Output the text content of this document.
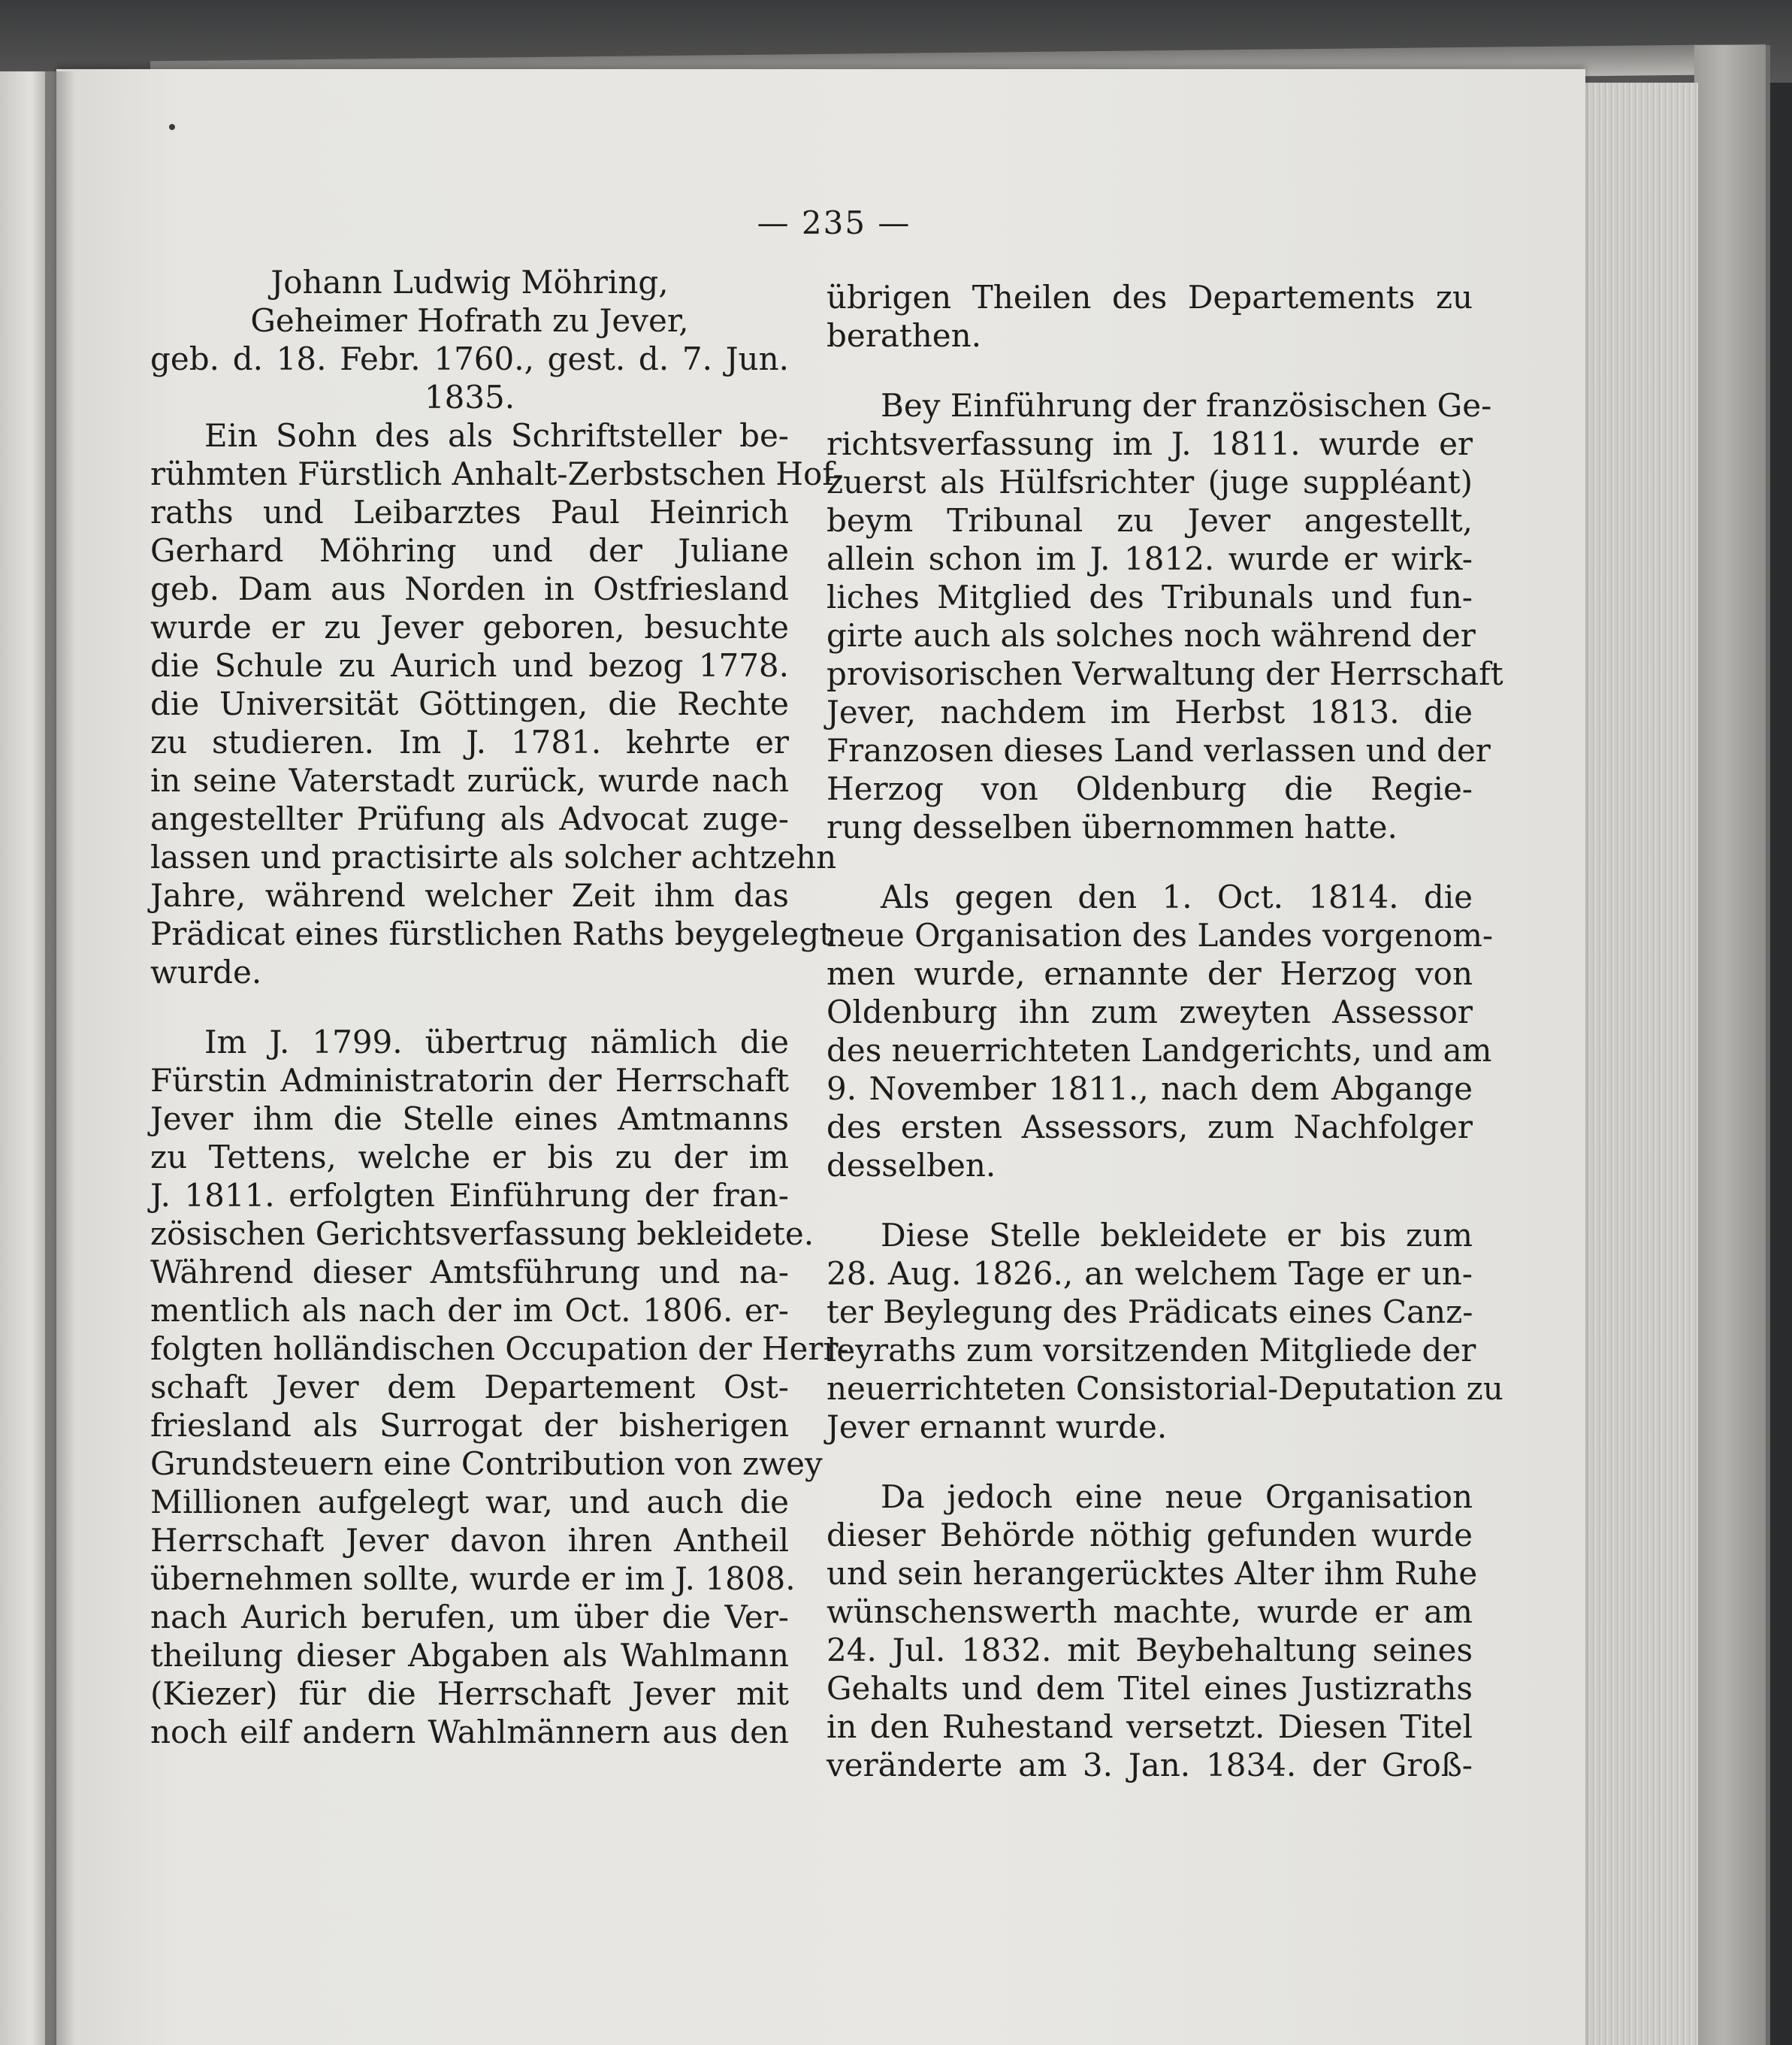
— 235 —
Johann Ludwig Möhring,
Geheimer Hofrath zu Jever,
geb. d. 18. Febr. 1760., gest. d. 7. Jun.
1835.
Ein Sohn des als Schriftsteller be-
rühmten Fürstlich Anhalt-Zerbstschen Hof-
raths und Leibarztes Paul Heinrich
Gerhard Möhring und der Juliane
geb. Dam aus Norden in Ostfriesland
wurde er zu Jever geboren, besuchte
die Schule zu Aurich und bezog 1778.
die Universität Göttingen, die Rechte
zu studieren. Im J. 1781. kehrte er
in seine Vaterstadt zurück, wurde nach
angestellter Prüfung als Advocat zuge-
lassen und practisirte als solcher achtzehn
Jahre, während welcher Zeit ihm das
Prädicat eines fürstlichen Raths beygelegt
wurde.
Im J. 1799. übertrug nämlich die
Fürstin Administratorin der Herrschaft
Jever ihm die Stelle eines Amtmanns
zu Tettens, welche er bis zu der im
J. 1811. erfolgten Einführung der fran-
zösischen Gerichtsverfassung bekleidete.
Während dieser Amtsführung und na-
mentlich als nach der im Oct. 1806. er-
folgten holländischen Occupation der Herr-
schaft Jever dem Departement Ost-
friesland als Surrogat der bisherigen
Grundsteuern eine Contribution von zwey
Millionen aufgelegt war, und auch die
Herrschaft Jever davon ihren Antheil
übernehmen sollte, wurde er im J. 1808.
nach Aurich berufen, um über die Ver-
theilung dieser Abgaben als Wahlmann
(Kiezer) für die Herrschaft Jever mit
noch eilf andern Wahlmännern aus den
übrigen Theilen des Departements zu
berathen.
Bey Einführung der französischen Ge-
richtsverfassung im J. 1811. wurde er
zuerst als Hülfsrichter (juge suppléant)
beym Tribunal zu Jever angestellt,
allein schon im J. 1812. wurde er wirk-
liches Mitglied des Tribunals und fun-
girte auch als solches noch während der
provisorischen Verwaltung der Herrschaft
Jever, nachdem im Herbst 1813. die
Franzosen dieses Land verlassen und der
Herzog von Oldenburg die Regie-
rung desselben übernommen hatte.
Als gegen den 1. Oct. 1814. die
neue Organisation des Landes vorgenom-
men wurde, ernannte der Herzog von
Oldenburg ihn zum zweyten Assessor
des neuerrichteten Landgerichts, und am
9. November 1811., nach dem Abgange
des ersten Assessors, zum Nachfolger
desselben.
Diese Stelle bekleidete er bis zum
28. Aug. 1826., an welchem Tage er un-
ter Beylegung des Prädicats eines Canz-
leyraths zum vorsitzenden Mitgliede der
neuerrichteten Consistorial-Deputation zu
Jever ernannt wurde.
Da jedoch eine neue Organisation
dieser Behörde nöthig gefunden wurde
und sein herangerücktes Alter ihm Ruhe
wünschenswerth machte, wurde er am
24. Jul. 1832. mit Beybehaltung seines
Gehalts und dem Titel eines Justizraths
in den Ruhestand versetzt. Diesen Titel
veränderte am 3. Jan. 1834. der Groß-
